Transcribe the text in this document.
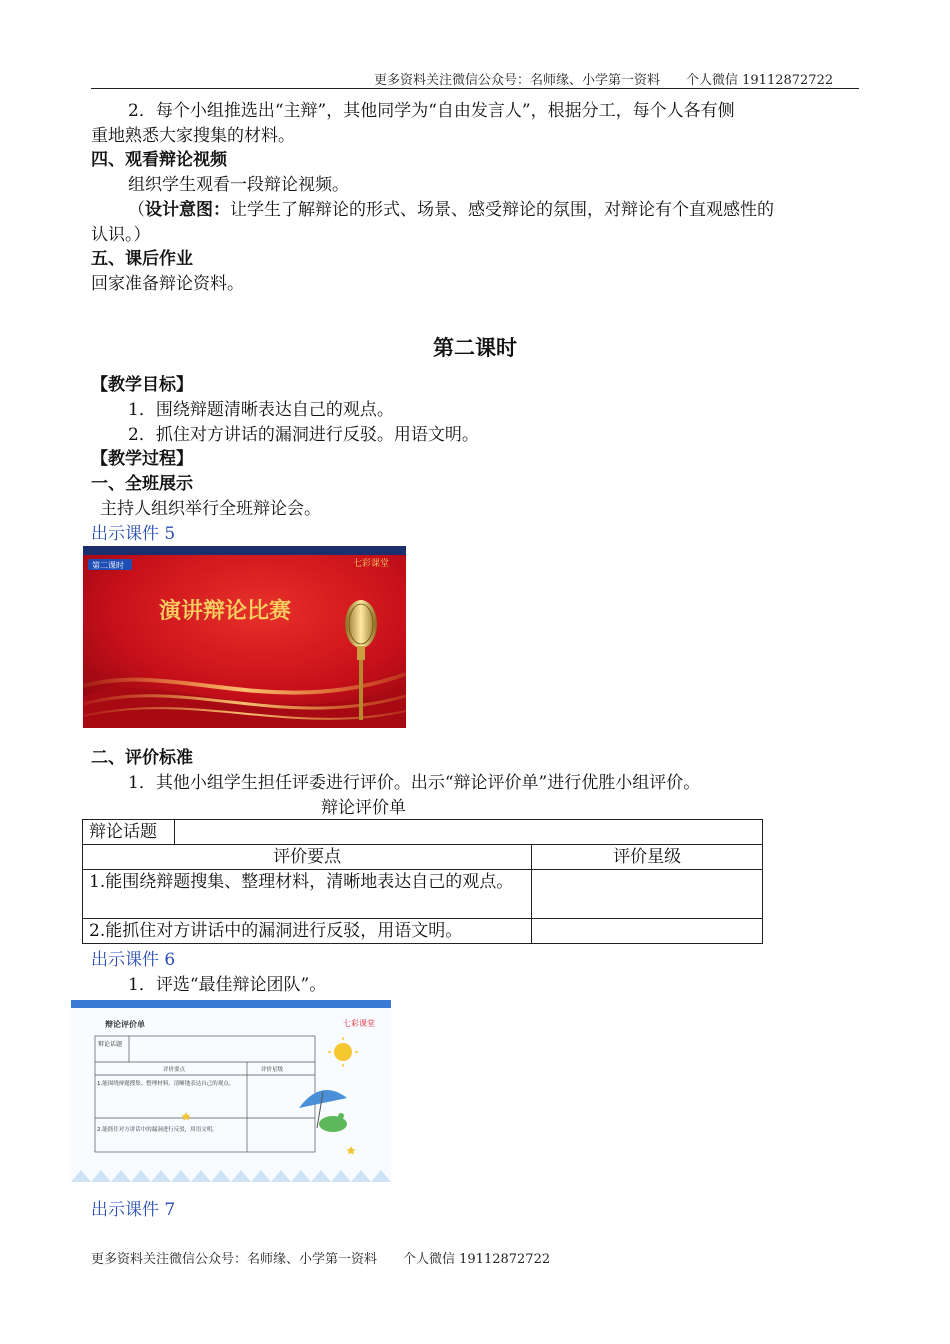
更多资料关注微信公众号：名师缘、小学第一资料　　个人微信 19112872722
2．每个小组推选出“主辩”，其他同学为“自由发言人”，根据分工，每个人各有侧
重地熟悉大家搜集的材料。
四、观看辩论视频
组织学生观看一段辩论视频。
（设计意图：让学生了解辩论的形式、场景、感受辩论的氛围，对辩论有个直观感性的
认识。）
五、课后作业
回家准备辩论资料。
第二课时
【教学目标】
1．围绕辩题清晰表达自己的观点。
2．抓住对方讲话的漏洞进行反驳。用语文明。
【教学过程】
一、全班展示
主持人组织举行全班辩论会。
出示课件 5
第二课时	七彩课堂
演讲辩论比赛
二、评价标准
1．其他小组学生担任评委进行评价。出示“辩论评价单”进行优胜小组评价。
辩论评价单
辩论话题		
评价要点		评价星级
1.能围绕辩题搜集、整理材料，清晰地表达自己的观点。		
2.能抓住对方讲话中的漏洞进行反驳，用语文明。		
出示课件 6
1．评选“最佳辩论团队”。
辩论评价单	七彩课堂
辩论话题
评价要点	评价星级
1.能围绕辩题搜集、整理材料，清晰地表达自己的观点。
2.能抓住对方讲话中的漏洞进行反驳，用语文明。
出示课件 7
更多资料关注微信公众号：名师缘、小学第一资料　　个人微信 19112872722
